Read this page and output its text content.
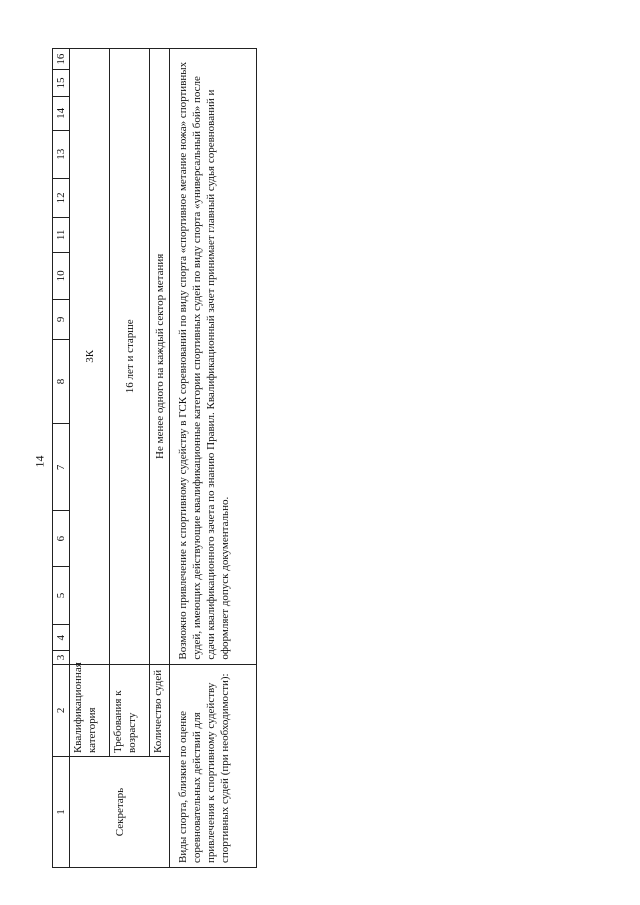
14
1	2	3	4	5	6	7	8	9	10	11	12	13	14	15	16
Секретарь	Квалификационная категория	3К													
	Требования к возрасту	16 лет и старше													
	Количество судей	Не менее одного на каждый сектор метания													
Виды спорта, близкие по оценке соревновательных действий для привлечения к спортивному судейству спортивных судей (при необходимости):		Возможно привлечение к спортивному судейству в ГСК соревнований по виду спорта «спортивное метание ножа» спортивных судей, имеющих действующие квалификационные категории спортивных судей по виду спорта «универсальный бой» после сдачи квалификационного зачета по знанию Правил. Квалификационный зачет принимает главный судья соревнований и оформляет допуск документально.													
